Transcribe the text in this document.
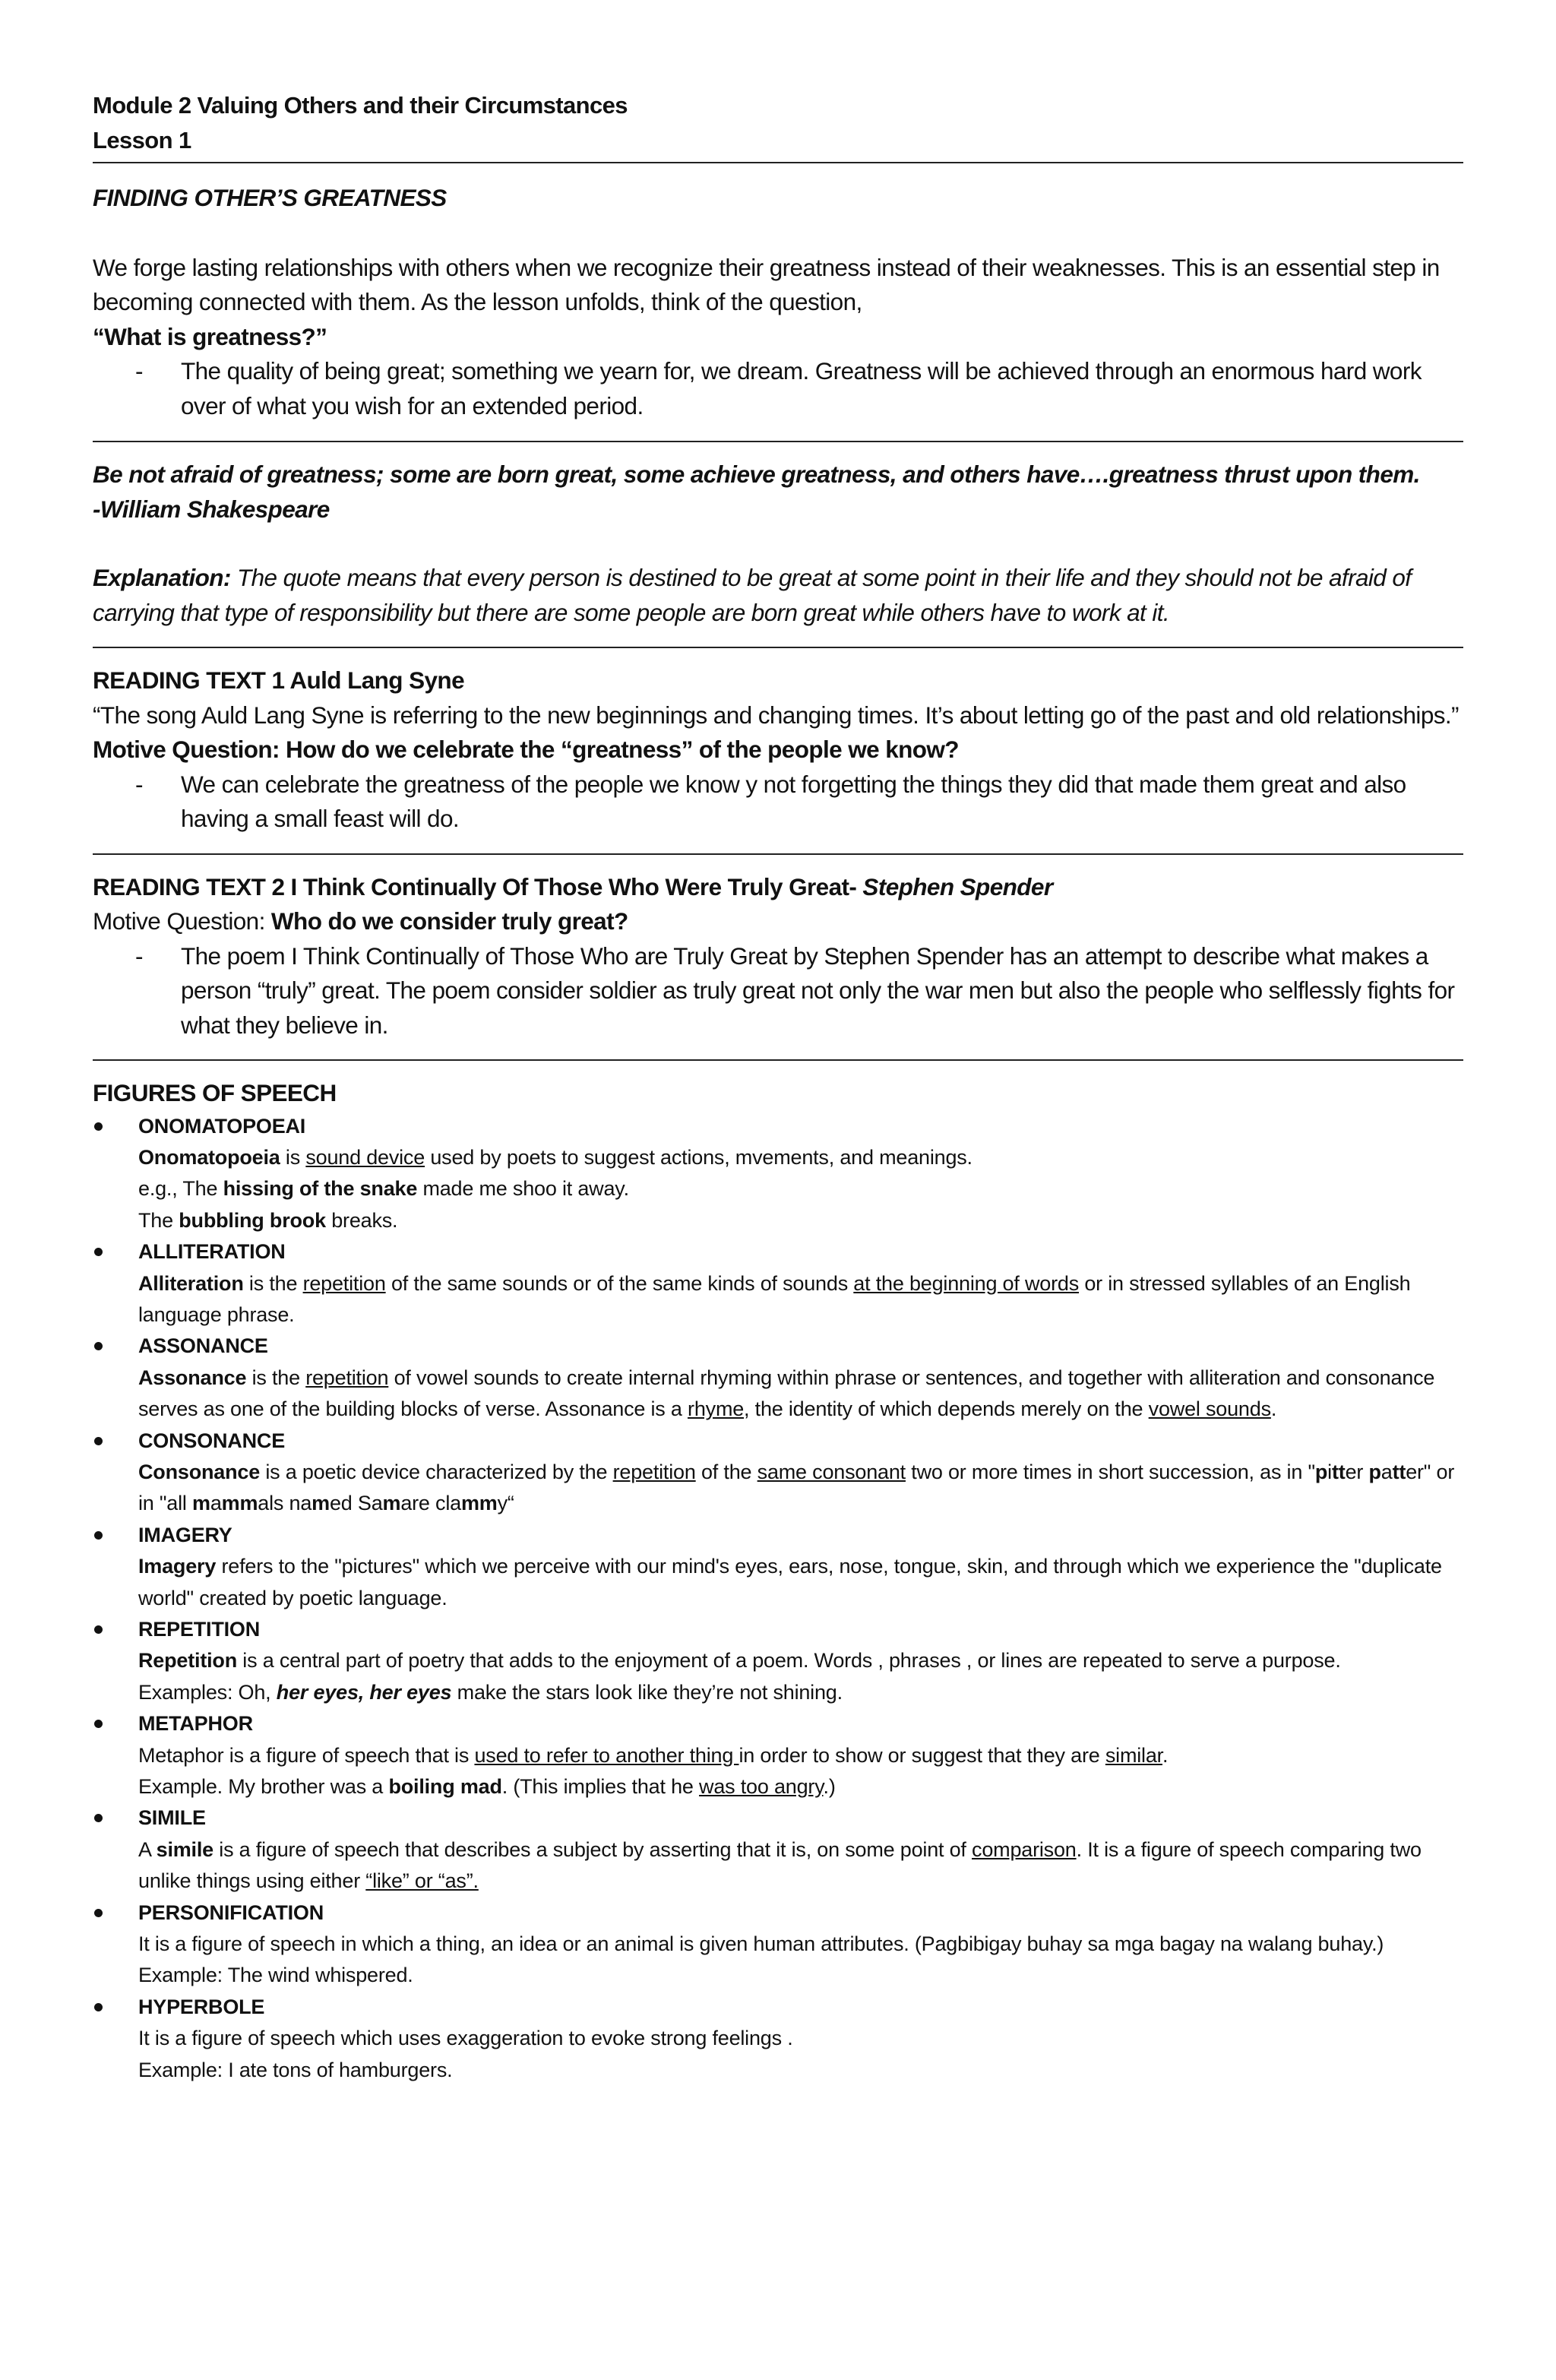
Module 2 Valuing Others and their Circumstances
Lesson 1
FINDING OTHER’S GREATNESS

We forge lasting relationships with others when we recognize their greatness instead of their weaknesses. This is an essential step in becoming connected with them. As the lesson unfolds, think of the question,

“What is greatness?”
-	The quality of being great; something we yearn for, we dream. Greatness will be achieved through an enormous hard work over of what you wish for an extended period.

Be not afraid of greatness; some are born great, some achieve greatness, and others have….greatness thrust upon them.

-William Shakespeare

Explanation: The quote means that every person is destined to be great at some point in their life and they should not be afraid of carrying that type of responsibility but there are some people are born great while others have to work at it.

READING TEXT 1 Auld Lang Syne

“The song Auld Lang Syne is referring to the new beginnings and changing times. It’s about letting go of the past and old relationships.”

Motive Question: How do we celebrate the “greatness” of the people we know?
-	We can celebrate the greatness of the people we know y not forgetting the things they did that made them great and also having a small feast will do.
READING TEXT 2 I Think Continually Of Those Who Were Truly Great- Stephen Spender
Motive Question: Who do we consider truly great?
-	The poem I Think Continually of Those Who are Truly Great by Stephen Spender has an attempt to describe what makes a person “truly” great. The poem consider soldier as truly great not only the war men but also the people who selflessly fights for what they believe in.
FIGURES OF SPEECH
ONOMATOPOEAI
Onomatopoeia is sound device used by poets to suggest actions, mvements, and meanings.
e.g., The hissing of the snake made me shoo it away.
The bubbling brook breaks.
ALLITERATION
Alliteration is the repetition of the same sounds or of the same kinds of sounds at the beginning of words or in stressed syllables of an English language phrase.
ASSONANCE
Assonance is the repetition of vowel sounds to create internal rhyming within phrase or sentences, and together with alliteration and consonance serves as one of the building blocks of verse. Assonance is a rhyme, the identity of which depends merely on the vowel sounds.
CONSONANCE
Consonance is a poetic device characterized by the repetition of the same consonant two or more times in short succession, as in "pitter patter" or in "all mammals named Samare clammy“
IMAGERY
Imagery refers to the "pictures" which we perceive with our mind's eyes, ears, nose, tongue, skin, and through which we experience the "duplicate world" created by poetic language.
REPETITION
Repetition is a central part of poetry that adds to the enjoyment of a poem. Words , phrases , or lines are repeated to serve a purpose.
Examples: Oh, her eyes, her eyes make the stars look like they’re not shining.
METAPHOR
Metaphor is a figure of speech that is used to refer to another thing in order to show or suggest that they are similar.
Example. My brother was a boiling mad. (This implies that he was too angry.)
SIMILE
A simile is a figure of speech that describes a subject by asserting that it is, on some point of comparison. It is a figure of speech comparing two unlike things using either “like” or “as”.
PERSONIFICATION
It is a figure of speech in which a thing, an idea or an animal is given human attributes. (Pagbibigay buhay sa mga bagay na walang buhay.)
Example: The wind whispered.
HYPERBOLE
It is a figure of speech which uses exaggeration to evoke strong feelings .
Example: I ate tons of hamburgers.
